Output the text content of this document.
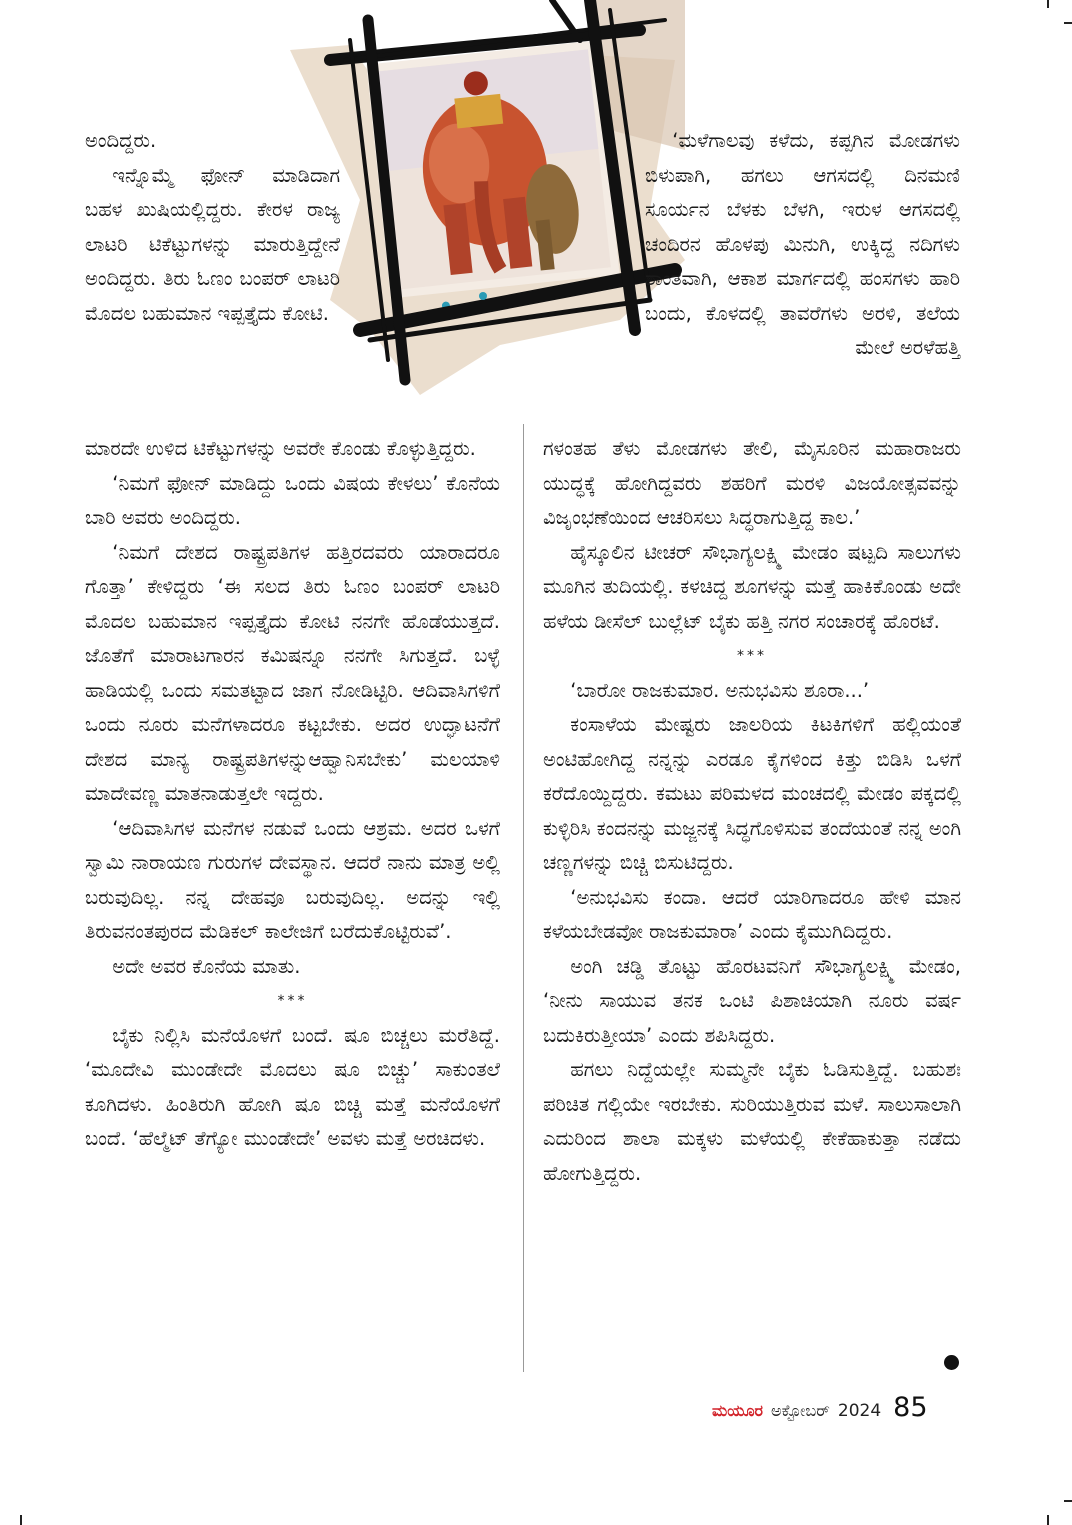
ಅಂದಿದ್ದರು.

ಇನ್ನೊಮ್ಮೆ ಫೋನ್ ಮಾಡಿದಾಗ ಬಹಳ ಖುಷಿಯಲ್ಲಿದ್ದರು. ಕೇರಳ ರಾಜ್ಯ ಲಾಟರಿ ಟಿಕೆಟ್ಟುಗಳನ್ನು ಮಾರುತ್ತಿದ್ದೇನೆ ಅಂದಿದ್ದರು. ತಿರು ಓಣಂ ಬಂಪರ್ ಲಾಟರಿ ಮೊದಲ ಬಹುಮಾನ ಇಪ್ಪತ್ತೈದು ಕೋಟಿ.

ಮಾರದೇ ಉಳಿದ ಟಿಕೆಟ್ಟುಗಳನ್ನು ಅವರೇ ಕೊಂಡು ಕೊಳ್ಳುತ್ತಿದ್ದರು.

‘ನಿಮಗೆ ಫೋನ್ ಮಾಡಿದ್ದು ಒಂದು ವಿಷಯ ಕೇಳಲು’ ಕೊನೆಯ ಬಾರಿ ಅವರು ಅಂದಿದ್ದರು.

‘ನಿಮಗೆ ದೇಶದ ರಾಷ್ಟ್ರಪತಿಗಳ ಹತ್ತಿರದವರು ಯಾರಾದರೂ ಗೊತ್ತಾ’ ಕೇಳಿದ್ದರು ‘ಈ ಸಲದ ತಿರು ಓಣಂ ಬಂಪರ್ ಲಾಟರಿ ಮೊದಲ ಬಹುಮಾನ ಇಪ್ಪತ್ತೈದು ಕೋಟಿ ನನಗೇ ಹೊಡೆಯುತ್ತದೆ. ಜೊತೆಗೆ ಮಾರಾಟಗಾರನ ಕಮಿಷನ್ನೂ ನನಗೇ ಸಿಗುತ್ತದೆ. ಬಳ್ಳೆ ಹಾಡಿಯಲ್ಲಿ ಒಂದು ಸಮತಟ್ಟಾದ ಜಾಗ ನೋಡಿಟ್ಟಿರಿ. ಆದಿವಾಸಿಗಳಿಗೆ ಒಂದು ನೂರು ಮನೆಗಳಾದರೂ ಕಟ್ಟಬೇಕು. ಅದರ ಉದ್ಘಾಟನೆಗೆ ದೇಶದ ಮಾನ್ಯ ರಾಷ್ಟ್ರಪತಿಗಳನ್ನುಆಹ್ವಾನಿಸಬೇಕು’ ಮಲಯಾಳಿ ಮಾದೇವಣ್ಣ ಮಾತನಾಡುತ್ತಲೇ ಇದ್ದರು.

‘ಆದಿವಾಸಿಗಳ ಮನೆಗಳ ನಡುವೆ ಒಂದು ಆಶ್ರಮ. ಅದರ ಒಳಗೆ ಸ್ವಾಮಿ ನಾರಾಯಣ ಗುರುಗಳ ದೇವಸ್ಥಾನ. ಆದರೆ ನಾನು ಮಾತ್ರ ಅಲ್ಲಿ ಬರುವುದಿಲ್ಲ. ನನ್ನ ದೇಹವೂ ಬರುವುದಿಲ್ಲ. ಅದನ್ನು ಇಲ್ಲಿ ತಿರುವನಂತಪುರದ ಮೆಡಿಕಲ್ ಕಾಲೇಜಿಗೆ ಬರೆದುಕೊಟ್ಟಿರುವೆ’.

ಅದೇ ಅವರ ಕೊನೆಯ ಮಾತು.

***

ಬೈಕು ನಿಲ್ಲಿಸಿ ಮನೆಯೊಳಗೆ ಬಂದೆ. ಷೂ ಬಿಚ್ಚಲು ಮರೆತಿದ್ದೆ. ‘ಮೂದೇವಿ ಮುಂಡೇದೇ ಮೊದಲು ಷೂ ಬಿಚ್ಚು’ ಸಾಕುಂತಲೆ ಕೂಗಿದಳು. ಹಿಂತಿರುಗಿ ಹೋಗಿ ಷೂ ಬಿಚ್ಚಿ ಮತ್ತೆ ಮನೆಯೊಳಗೆ ಬಂದೆ. ‘ಹೆಲ್ಮೆಟ್ ತೆಗ್ಯೋ ಮುಂಡೇದೇ’ ಅವಳು ಮತ್ತೆ ಅರಚಿದಳು.

‘ಮಳೆಗಾಲವು ಕಳೆದು, ಕಪ್ಪಗಿನ ಮೋಡಗಳು ಬಿಳುಪಾಗಿ, ಹಗಲು ಆಗಸದಲ್ಲಿ ದಿನಮಣಿ ಸೂರ್ಯನ ಬೆಳಕು ಬೆಳಗಿ, ಇರುಳ ಆಗಸದಲ್ಲಿ ಚಂದಿರನ ಹೊಳಪು ಮಿನುಗಿ, ಉಕ್ಕಿದ್ದ ನದಿಗಳು ಶಾಂತವಾಗಿ, ಆಕಾಶ ಮಾರ್ಗದಲ್ಲಿ ಹಂಸಗಳು ಹಾರಿ ಬಂದು, ಕೊಳದಲ್ಲಿ ತಾವರೆಗಳು ಅರಳಿ, ತಲೆಯ ಮೇಲೆ ಅರಳೆಹತ್ತಿ

ಗಳಂತಹ ತೆಳು ಮೋಡಗಳು ತೇಲಿ, ಮೈಸೂರಿನ ಮಹಾರಾಜರು ಯುದ್ಧಕ್ಕೆ ಹೋಗಿದ್ದವರು ಶಹರಿಗೆ ಮರಳಿ ವಿಜಯೋತ್ಸವವನ್ನು ವಿಜೃಂಭಣೆಯಿಂದ ಆಚರಿಸಲು ಸಿದ್ಧರಾಗುತ್ತಿದ್ದ ಕಾಲ.’

ಹೈಸ್ಕೂಲಿನ ಟೀಚರ್ ಸೌಭಾಗ್ಯಲಕ್ಷ್ಮಿ ಮೇಡಂ ಷಟ್ಪದಿ ಸಾಲುಗಳು ಮೂಗಿನ ತುದಿಯಲ್ಲಿ. ಕಳಚಿದ್ದ ಶೂಗಳನ್ನು ಮತ್ತೆ ಹಾಕಿಕೊಂಡು ಅದೇ ಹಳೆಯ ಡೀಸೆಲ್ ಬುಲ್ಲೆಟ್ ಬೈಕು ಹತ್ತಿ ನಗರ ಸಂಚಾರಕ್ಕೆ ಹೊರಟೆ.

***

‘ಬಾರೋ ರಾಜಕುಮಾರ. ಅನುಭವಿಸು ಶೂರಾ...’

ಕಂಸಾಳೆಯ ಮೇಷ್ಟರು ಜಾಲರಿಯ ಕಿಟಕಿಗಳಿಗೆ ಹಲ್ಲಿಯಂತೆ ಅಂಟಿಹೋಗಿದ್ದ ನನ್ನನ್ನು ಎರಡೂ ಕೈಗಳಿಂದ ಕಿತ್ತು ಬಿಡಿಸಿ ಒಳಗೆ ಕರೆದೊಯ್ದಿದ್ದರು. ಕಮಟು ಪರಿಮಳದ ಮಂಚದಲ್ಲಿ ಮೇಡಂ ಪಕ್ಕದಲ್ಲಿ ಕುಳ್ಳಿರಿಸಿ ಕಂದನನ್ನು ಮಜ್ಜನಕ್ಕೆ ಸಿದ್ಧಗೊಳಿಸುವ ತಂದೆಯಂತೆ ನನ್ನ ಅಂಗಿ ಚಣ್ಣಗಳನ್ನು ಬಿಚ್ಚಿ ಬಿಸುಟಿದ್ದರು.

‘ಅನುಭವಿಸು ಕಂದಾ. ಆದರೆ ಯಾರಿಗಾದರೂ ಹೇಳಿ ಮಾನ ಕಳೆಯಬೇಡವೋ ರಾಜಕುಮಾರಾ’ ಎಂದು ಕೈಮುಗಿದಿದ್ದರು.

ಅಂಗಿ ಚಡ್ಡಿ ತೊಟ್ಟು ಹೊರಟವನಿಗೆ ಸೌಭಾಗ್ಯಲಕ್ಷ್ಮಿ ಮೇಡಂ, ‘ನೀನು ಸಾಯುವ ತನಕ ಒಂಟಿ ಪಿಶಾಚಿಯಾಗಿ ನೂರು ವರ್ಷ ಬದುಕಿರುತ್ತೀಯಾ’ ಎಂದು ಶಪಿಸಿದ್ದರು.

ಹಗಲು ನಿದ್ದೆಯಲ್ಲೇ ಸುಮ್ಮನೇ ಬೈಕು ಓಡಿಸುತ್ತಿದ್ದೆ. ಬಹುಶಃ ಪರಿಚಿತ ಗಲ್ಲಿಯೇ ಇರಬೇಕು. ಸುರಿಯುತ್ತಿರುವ ಮಳೆ. ಸಾಲುಸಾಲಾಗಿ ಎದುರಿಂದ ಶಾಲಾ ಮಕ್ಕಳು ಮಳೆಯಲ್ಲಿ ಕೇಕೆಹಾಕುತ್ತಾ ನಡೆದು ಹೋಗುತ್ತಿದ್ದರು.

ಮಯೂರ ಅಕ್ಟೋಬರ್ 2024 85
